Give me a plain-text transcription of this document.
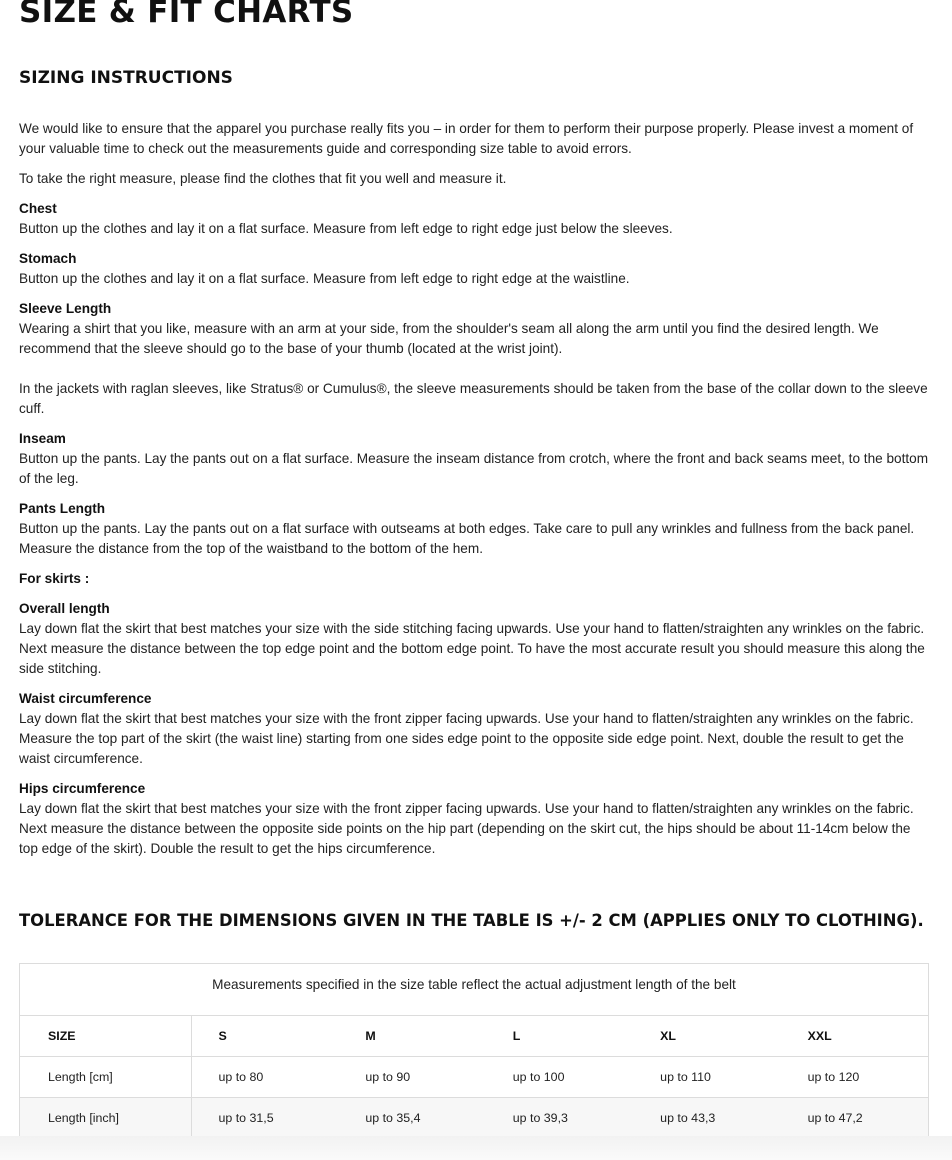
SIZE & FIT CHARTS
SIZING INSTRUCTIONS

We would like to ensure that the apparel you purchase really fits you – in order for them to perform their purpose properly. Please invest a moment of your valuable time to check out the measurements guide and corresponding size table to avoid errors.

To take the right measure, please find the clothes that fit you well and measure it.

Chest
Button up the clothes and lay it on a flat surface. Measure from left edge to right edge just below the sleeves.

Stomach
Button up the clothes and lay it on a flat surface. Measure from left edge to right edge at the waistline.

Sleeve Length
Wearing a shirt that you like, measure with an arm at your side, from the shoulder's seam all along the arm until you find the desired length. We recommend that the sleeve should go to the base of your thumb (located at the wrist joint).

In the jackets with raglan sleeves, like Stratus® or Cumulus®, the sleeve measurements should be taken from the base of the collar down to the sleeve cuff.

Inseam
Button up the pants. Lay the pants out on a flat surface. Measure the inseam distance from crotch, where the front and back seams meet, to the bottom of the leg.

Pants Length
Button up the pants. Lay the pants out on a flat surface with outseams at both edges. Take care to pull any wrinkles and fullness from the back panel. Measure the distance from the top of the waistband to the bottom of the hem.

For skirts :

Overall length
Lay down flat the skirt that best matches your size with the side stitching facing upwards. Use your hand to flatten/straighten any wrinkles on the fabric. Next measure the distance between the top edge point and the bottom edge point. To have the most accurate result you should measure this along the side stitching.

Waist circumference
Lay down flat the skirt that best matches your size with the front zipper facing upwards. Use your hand to flatten/straighten any wrinkles on the fabric. Measure the top part of the skirt (the waist line) starting from one sides edge point to the opposite side edge point. Next, double the result to get the waist circumference.

Hips circumference
Lay down flat the skirt that best matches your size with the front zipper facing upwards. Use your hand to flatten/straighten any wrinkles on the fabric. Next measure the distance between the opposite side points on the hip part (depending on the skirt cut, the hips should be about 11-14cm below the top edge of the skirt). Double the result to get the hips circumference.

TOLERANCE FOR THE DIMENSIONS GIVEN IN THE TABLE IS +/- 2 CM (APPLIES ONLY TO CLOTHING).
Measurements specified in the size table reflect the actual adjustment length of the belt
SIZE	S	M	L	XL	XXL
Length [cm]	up to 80	up to 90	up to 100	up to 110	up to 120
Length [inch]	up to 31,5	up to 35,4	up to 39,3	up to 43,3	up to 47,2
